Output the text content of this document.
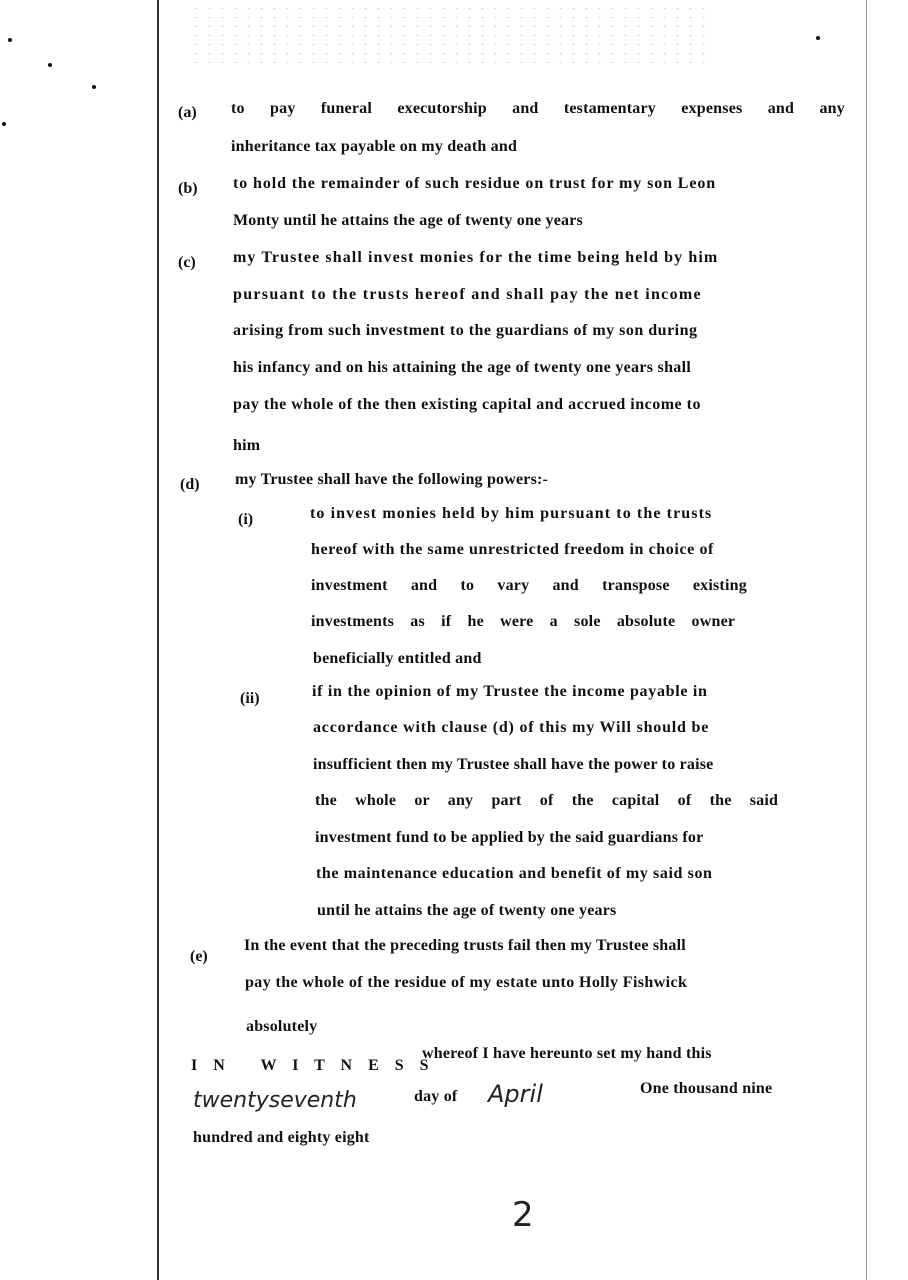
(a) to pay funeral executorship and testamentary expenses and any
inheritance tax payable on my death and
(b) to hold the remainder of such residue on trust for my son Leon
Monty until he attains the age of twenty one years
(c) my Trustee shall invest monies for the time being held by him
pursuant to the trusts hereof and shall pay the net income
arising from such investment to the guardians of my son during
his infancy and on his attaining the age of twenty one years shall
pay the whole of the then existing capital and accrued income to
him
(d) my Trustee shall have the following powers:-
(i)	to invest monies held by him pursuant to the trusts
hereof with the same unrestricted freedom in choice of
investment and to vary and transpose existing
investments as if he were a sole absolute owner
beneficially entitled and
(ii)	if in the opinion of my Trustee the income payable in
accordance with clause (d) of this my Will should be
insufficient then my Trustee shall have the power to raise
the whole or any part of the capital of the said
investment fund to be applied by the said guardians for
the maintenance education and benefit of my said son
until he attains the age of twenty one years
(e)
In the event that the preceding trusts fail then my Trustee shall
pay the whole of the residue of my estate unto Holly Fishwick
absolutely
I N   W I T N E S S
whereof I have hereunto set my hand this
twentyseventh	day of April	One thousand nine
hundred and eighty eight
2
